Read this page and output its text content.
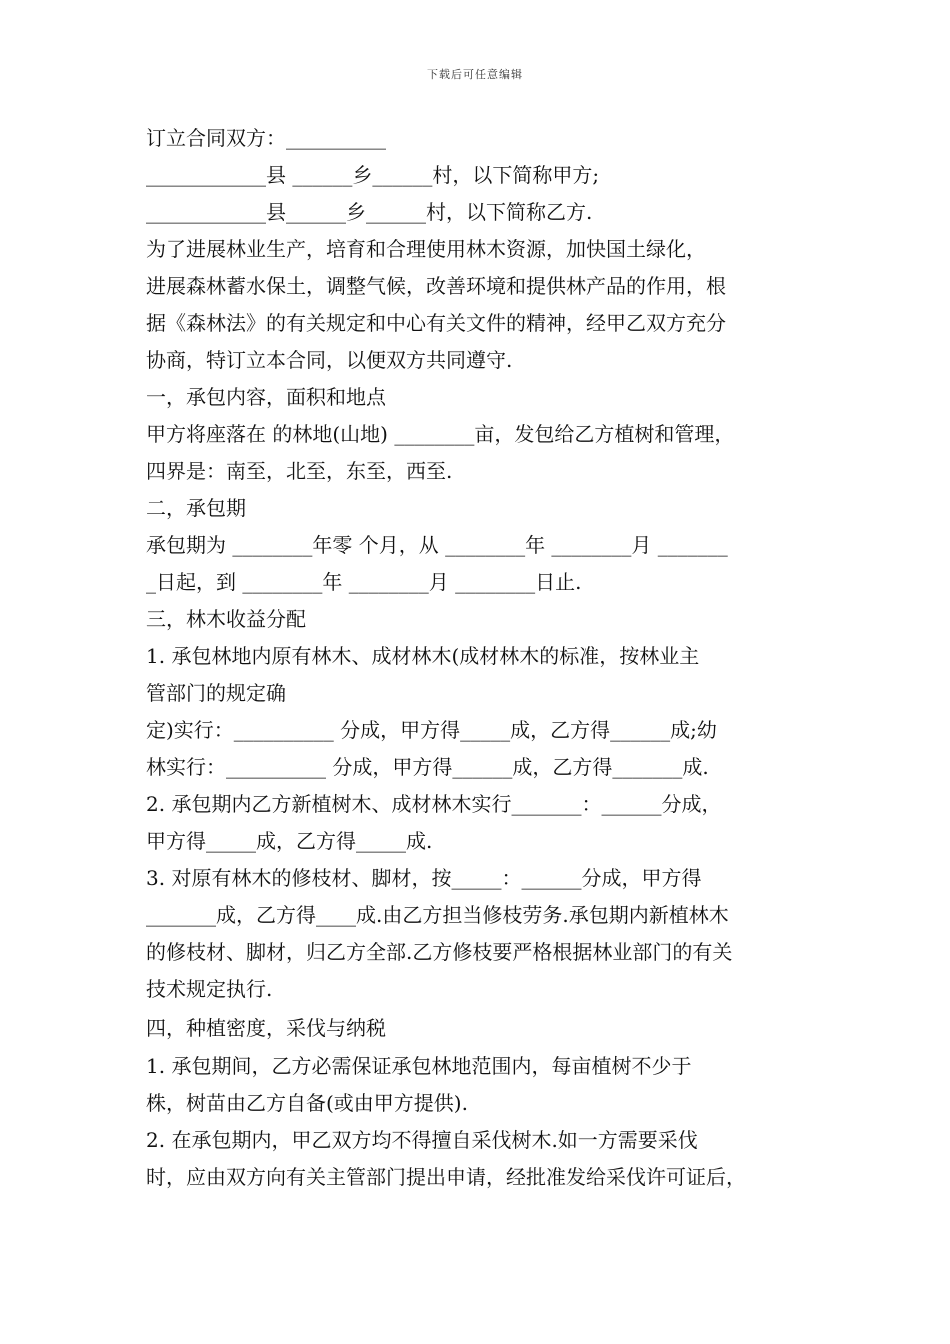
下载后可任意编辑
订立合同双方：__________
____________县 ______乡______村，以下简称甲方;
____________县______乡______村，以下简称乙方.
为了进展林业生产，培育和合理使用林木资源，加快国土绿化，
进展森林蓄水保土，调整气候，改善环境和提供林产品的作用，根
据《森林法》的有关规定和中心有关文件的精神，经甲乙双方充分
协商，特订立本合同，以便双方共同遵守.
一，承包内容，面积和地点
甲方将座落在 的林地(山地) ________亩，发包给乙方植树和管理，
四界是：南至，北至，东至，西至.
二，承包期
承包期为 ________年零 个月，从 ________年 ________月 _______
_日起，到 ________年 ________月 ________日止.
三，林木收益分配
1. 承包林地内原有林木、成材林木(成材林木的标准，按林业主
管部门的规定确
定)实行：__________ 分成，甲方得_____成，乙方得______成;幼
林实行：__________ 分成，甲方得______成，乙方得_______成.
2. 承包期内乙方新植树木、成材林木实行_______：______分成，
甲方得_____成，乙方得_____成.
3. 对原有林木的修枝材、脚材，按_____：______分成，甲方得
_______成，乙方得____成.由乙方担当修枝劳务.承包期内新植林木
的修枝材、脚材，归乙方全部.乙方修枝要严格根据林业部门的有关
技术规定执行.
四，种植密度，采伐与纳税
1. 承包期间，乙方必需保证承包林地范围内，每亩植树不少于
株，树苗由乙方自备(或由甲方提供).
2. 在承包期内，甲乙双方均不得擅自采伐树木.如一方需要采伐
时，应由双方向有关主管部门提出申请，经批准发给采伐许可证后，
